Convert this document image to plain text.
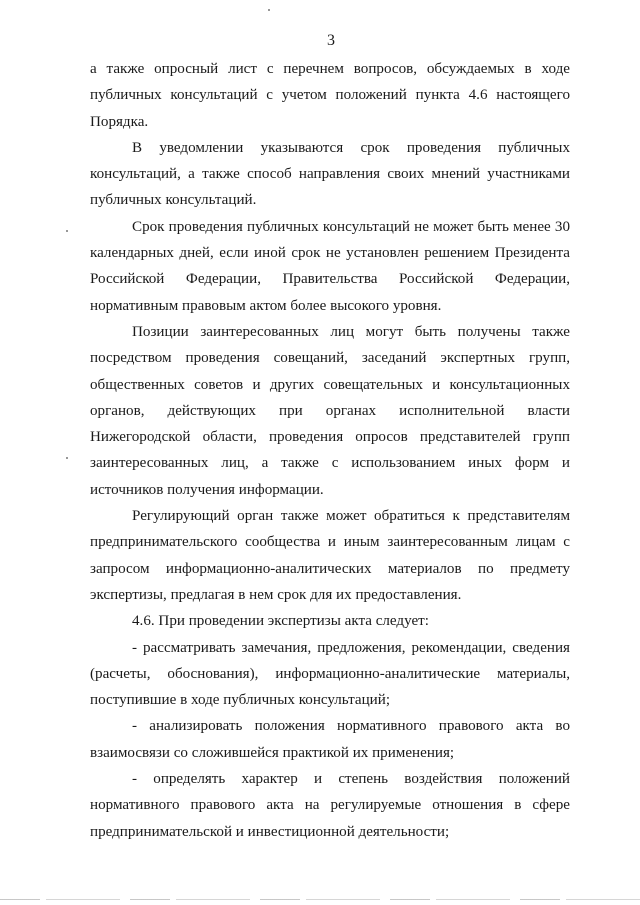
3

а также опросный лист с перечнем вопросов, обсуждаемых в ходе публичных консультаций с учетом положений пункта 4.6 настоящего Порядка.

В уведомлении указываются срок проведения публичных консультаций, а также способ направления своих мнений участниками публичных консультаций.

Срок проведения публичных консультаций не может быть менее 30 календарных дней, если иной срок не установлен решением Президента Российской Федерации, Правительства Российской Федерации, нормативным правовым актом более высокого уровня.

Позиции заинтересованных лиц могут быть получены также посредством проведения совещаний, заседаний экспертных групп, общественных советов и других совещательных и консультационных органов, действующих при органах исполнительной власти Нижегородской области, проведения опросов представителей групп заинтересованных лиц, а также с использованием иных форм и источников получения информации.

Регулирующий орган также может обратиться к представителям предпринимательского сообщества и иным заинтересованным лицам с запросом информационно-аналитических материалов по предмету экспертизы, предлагая в нем срок для их предоставления.

4.6. При проведении экспертизы акта следует:

- рассматривать замечания, предложения, рекомендации, сведения (расчеты, обоснования), информационно-аналитические материалы, поступившие в ходе публичных консультаций;

- анализировать положения нормативного правового акта во взаимосвязи со сложившейся практикой их применения;

- определять характер и степень воздействия положений нормативного правового акта на регулируемые отношения в сфере предпринимательской и инвестиционной деятельности;
